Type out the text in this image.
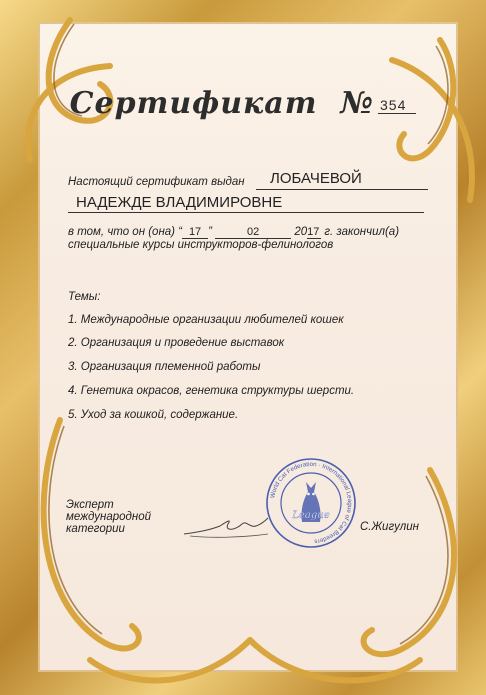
Сертификат № 354
Настоящий сертификат выдан ЛОБАЧЕВОЙ
НАДЕЖДЕ ВЛАДИМИРОВНЕ
в том, что он (она) “ 17 ”	02	2017 г. закончил(а)
специальные курсы инструкторов-фелинологов
Темы:
1. Международные организации любителей кошек
2. Организация и проведение выставок
3. Организация племенной работы
4. Генетика окрасов, генетика структуры шерсти.
5. Уход за кошкой, содержание.
Эксперт
международной
категории
League
World Cat Federation · International League of Cat Breeders
С.Жигулин
